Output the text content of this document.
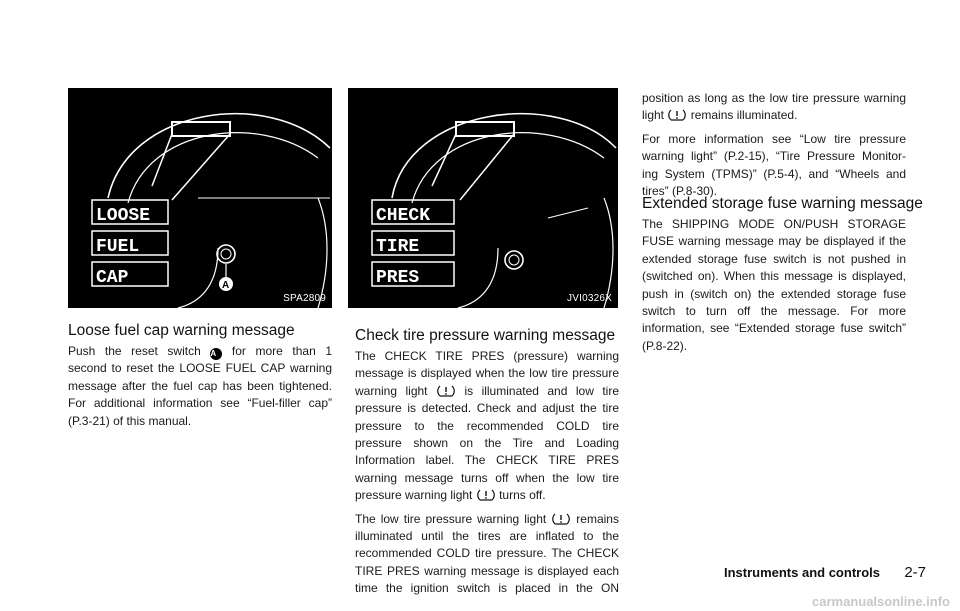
LOOSE
FUEL
CAP	A
SPA2809
Loose fuel cap warning message
Push the reset switch A for more than 1
second to reset the LOOSE FUEL CAP warning
message after the fuel cap has been tightened.
For additional information see “Fuel-filler cap”
(P.3-21) of this manual.
CHECK
TIRE
PRES
JVI0326X
Check tire pressure warning message
The CHECK TIRE PRES (pressure) warning
message is displayed when the low tire pressure
warning light	is illuminated and low tire
pressure is detected. Check and adjust the tire
pressure to the recommended COLD tire
pressure shown on the Tire and Loading
Information label. The CHECK TIRE PRES
warning message turns off when the low tire
pressure warning light turns off.
The low tire pressure warning light	remains
illuminated until the tires are inflated to the
recommended COLD tire pressure. The CHECK
TIRE PRES warning message is displayed each
time the ignition switch is placed in the ON
position as long as the low tire pressure warning
light remains illuminated.
For more information see “Low tire pressure
warning light” (P.2-15), “Tire Pressure Monitor-
ing System (TPMS)” (P.5-4), and “Wheels and
tires” (P.8-30).
Extended storage fuse warning message
The SHIPPING MODE ON/PUSH STORAGE
FUSE warning message may be displayed if the
extended storage fuse switch is not pushed in
(switched on). When this message is displayed,
push in (switch on) the extended storage fuse
switch to turn off the message. For more
information, see “Extended storage fuse switch”
(P.8-22).
Instruments and controls 2-7
carmanualsonline.info
